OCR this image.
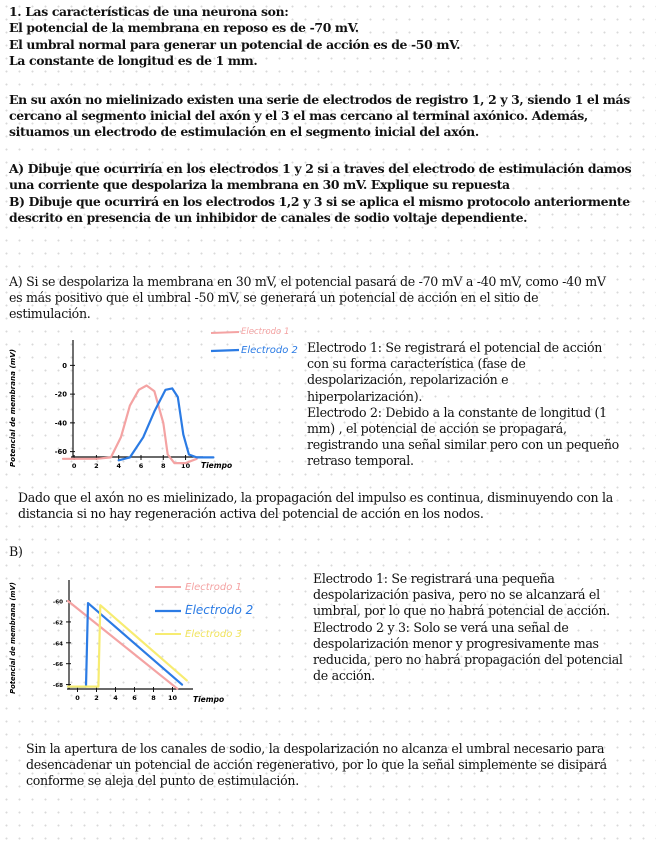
1. Las características de una neurona son:
El potencial de la membrana en reposo es de -70 mV.
El umbral normal para generar un potencial de acción es de -50 mV.
La constante de longitud es de 1 mm.
En su axón no mielinizado existen una serie de electrodos de registro 1, 2 y 3, siendo 1 el más
cercano al segmento inicial del axón y el 3 el mas cercano al terminal axónico. Además,
situamos un electrodo de estimulación en el segmento inicial del axón.
A) Dibuje que ocurriría en los electrodos 1 y 2 si a traves del electrodo de estimulación damos
una corriente que despolariza la membrana en 30 mV. Explique su repuesta
B) Dibuje que ocurrirá en los electrodos 1,2 y 3 si se aplica el mismo protocolo anteriormente
descrito en presencia de un inhibidor de canales de sodio voltaje dependiente.
A) Si se despolariza la membrana en 30 mV, el potencial pasará de -70 mV a -40 mV, como -40 mV
es más positivo que el umbral -50 mV, se generará un potencial de acción en el sitio de
estimulación.
Potencial de membrana (mV)	0
-20
-40
-60
0	2	4	6	8 10 Tiempo
Electrodo 1
Electrodo 2 Electrodo 1: Se registrará el potencial de acción
con su forma característica (fase de
despolarización, repolarización e
hiperpolarización).
Electrodo 2: Debido a la constante de longitud (1
mm) , el potencial de acción se propagará,
registrando una señal similar pero con un pequeño
retraso temporal.
Dado que el axón no es mielinizado, la propagación del impulso es continua, disminuyendo con la
distancia si no hay regeneración activa del potencial de acción en los nodos.
B)
Potencial de membrana (mV)	-60
-62
-64
-66
-68
0 2 4 6 8 10 Tiempo
Electrodo 1
Electrodo 2
Electrodo 3
Electrodo 1: Se registrará una pequeña
despolarización pasiva, pero no se alcanzará el
umbral, por lo que no habrá potencial de acción.
Electrodo 2 y 3: Solo se verá una señal de
despolarización menor y progresivamente mas
reducida, pero no habrá propagación del potencial
de acción.
Sin la apertura de los canales de sodio, la despolarización no alcanza el umbral necesario para
desencadenar un potencial de acción regenerativo, por lo que la señal simplemente se disipará
conforme se aleja del punto de estimulación.
